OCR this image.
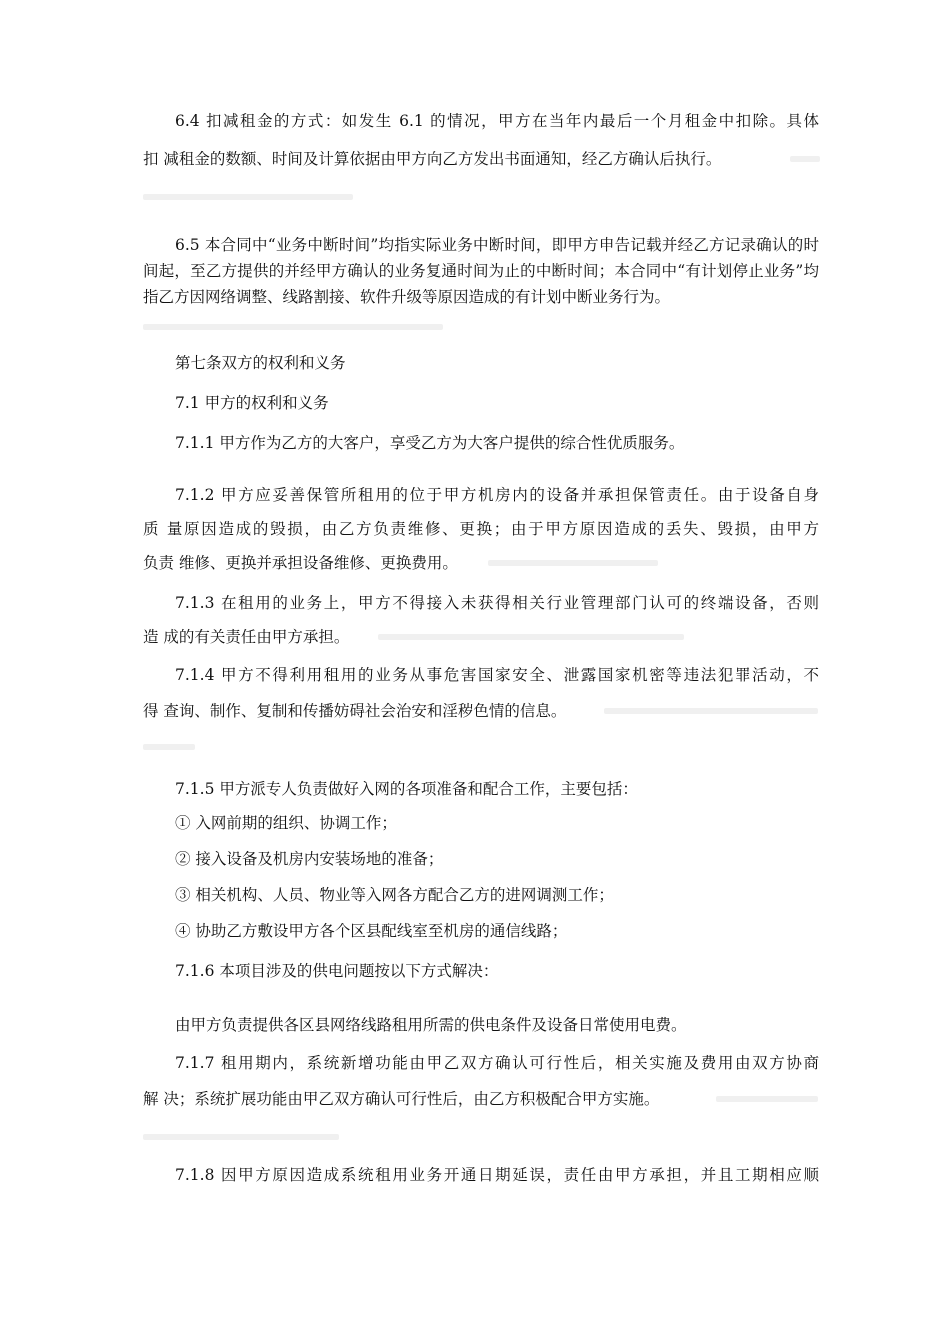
6.4 扣减租金的方式：如发生 6.1 的情况，甲方在当年内最后一个月租金中扣除。具体
扣 减租金的数额、时间及计算依据由甲方向乙方发出书面通知，经乙方确认后执行。

6.5 本合同中“业务中断时间”均指实际业务中断时间，即甲方申告记载并经乙方记录确认的时间起，至乙方提供的并经甲方确认的业务复通时间为止的中断时间；本合同中“有计划停止业务”均指乙方因网络调整、线路割接、软件升级等原因造成的有计划中断业务行为。

第七条双方的权利和义务
7.1 甲方的权利和义务
7.1.1 甲方作为乙方的大客户，享受乙方为大客户提供的综合性优质服务。
7.1.2 甲方应妥善保管所租用的位于甲方机房内的设备并承担保管责任。由于设备自身
质 量原因造成的毁损，由乙方负责维修、更换；由于甲方原因造成的丢失、毁损，由甲方
负责 维修、更换并承担设备维修、更换费用。
7.1.3 在租用的业务上，甲方不得接入未获得相关行业管理部门认可的终端设备，否则
造 成的有关责任由甲方承担。
7.1.4 甲方不得利用租用的业务从事危害国家安全、泄露国家机密等违法犯罪活动，不
得 查询、制作、复制和传播妨碍社会治安和淫秽色情的信息。
7.1.5 甲方派专人负责做好入网的各项准备和配合工作，主要包括：
① 入网前期的组织、协调工作；
② 接入设备及机房内安装场地的准备；
③ 相关机构、人员、物业等入网各方配合乙方的进网调测工作；
④ 协助乙方敷设甲方各个区县配线室至机房的通信线路；
7.1.6 本项目涉及的供电问题按以下方式解决：
由甲方负责提供各区县网络线路租用所需的供电条件及设备日常使用电费。
7.1.7 租用期内，系统新增功能由甲乙双方确认可行性后，相关实施及费用由双方协商
解 决；系统扩展功能由甲乙双方确认可行性后，由乙方积极配合甲方实施。
7.1.8 因甲方原因造成系统租用业务开通日期延误，责任由甲方承担，并且工期相应顺
